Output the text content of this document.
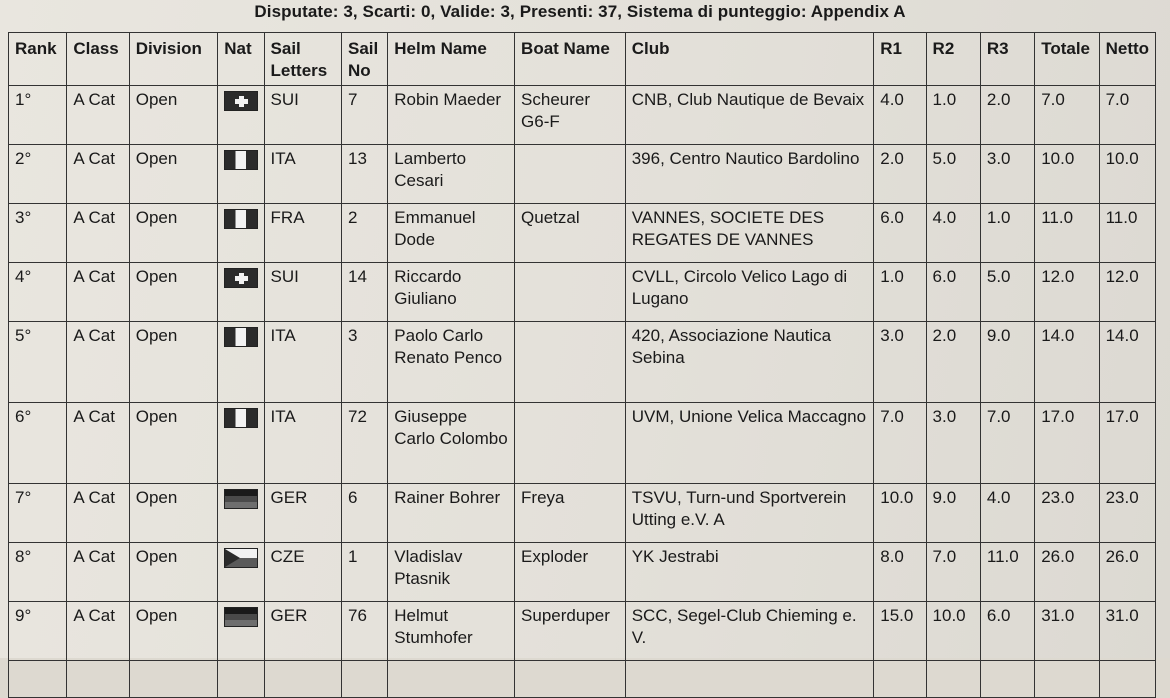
Disputate: 3, Scarti: 0, Valide: 3, Presenti: 37, Sistema di punteggio: Appendix A
Rank	Class	Division	Nat	Sail Letters	Sail No	Helm Name	Boat Name	Club	R1	R2	R3	Totale	Netto
1°	A Cat	Open		SUI	7	Robin Maeder	Scheurer G6-F	CNB, Club Nautique de Bevaix	4.0	1.0	2.0	7.0	7.0
2°	A Cat	Open		ITA	13	Lamberto Cesari		396, Centro Nautico Bardolino	2.0	5.0	3.0	10.0	10.0
3°	A Cat	Open		FRA	2	Emmanuel Dode	Quetzal	VANNES, SOCIETE DES REGATES DE VANNES	6.0	4.0	1.0	11.0	11.0
4°	A Cat	Open		SUI	14	Riccardo Giuliano		CVLL, Circolo Velico Lago di Lugano	1.0	6.0	5.0	12.0	12.0
5°	A Cat	Open		ITA	3	Paolo Carlo Renato Penco		420, Associazione Nautica Sebina	3.0	2.0	9.0	14.0	14.0
6°	A Cat	Open		ITA	72	Giuseppe Carlo Colombo		UVM, Unione Velica Maccagno	7.0	3.0	7.0	17.0	17.0
7°	A Cat	Open		GER	6	Rainer Bohrer	Freya	TSVU, Turn-und Sportverein Utting e.V. A	10.0	9.0	4.0	23.0	23.0
8°	A Cat	Open		CZE	1	Vladislav Ptasnik	Exploder	YK Jestrabi	8.0	7.0	11.0	26.0	26.0
9°	A Cat	Open		GER	76	Helmut Stumhofer	Superduper	SCC, Segel-Club Chieming e. V.	15.0	10.0	6.0	31.0	31.0
